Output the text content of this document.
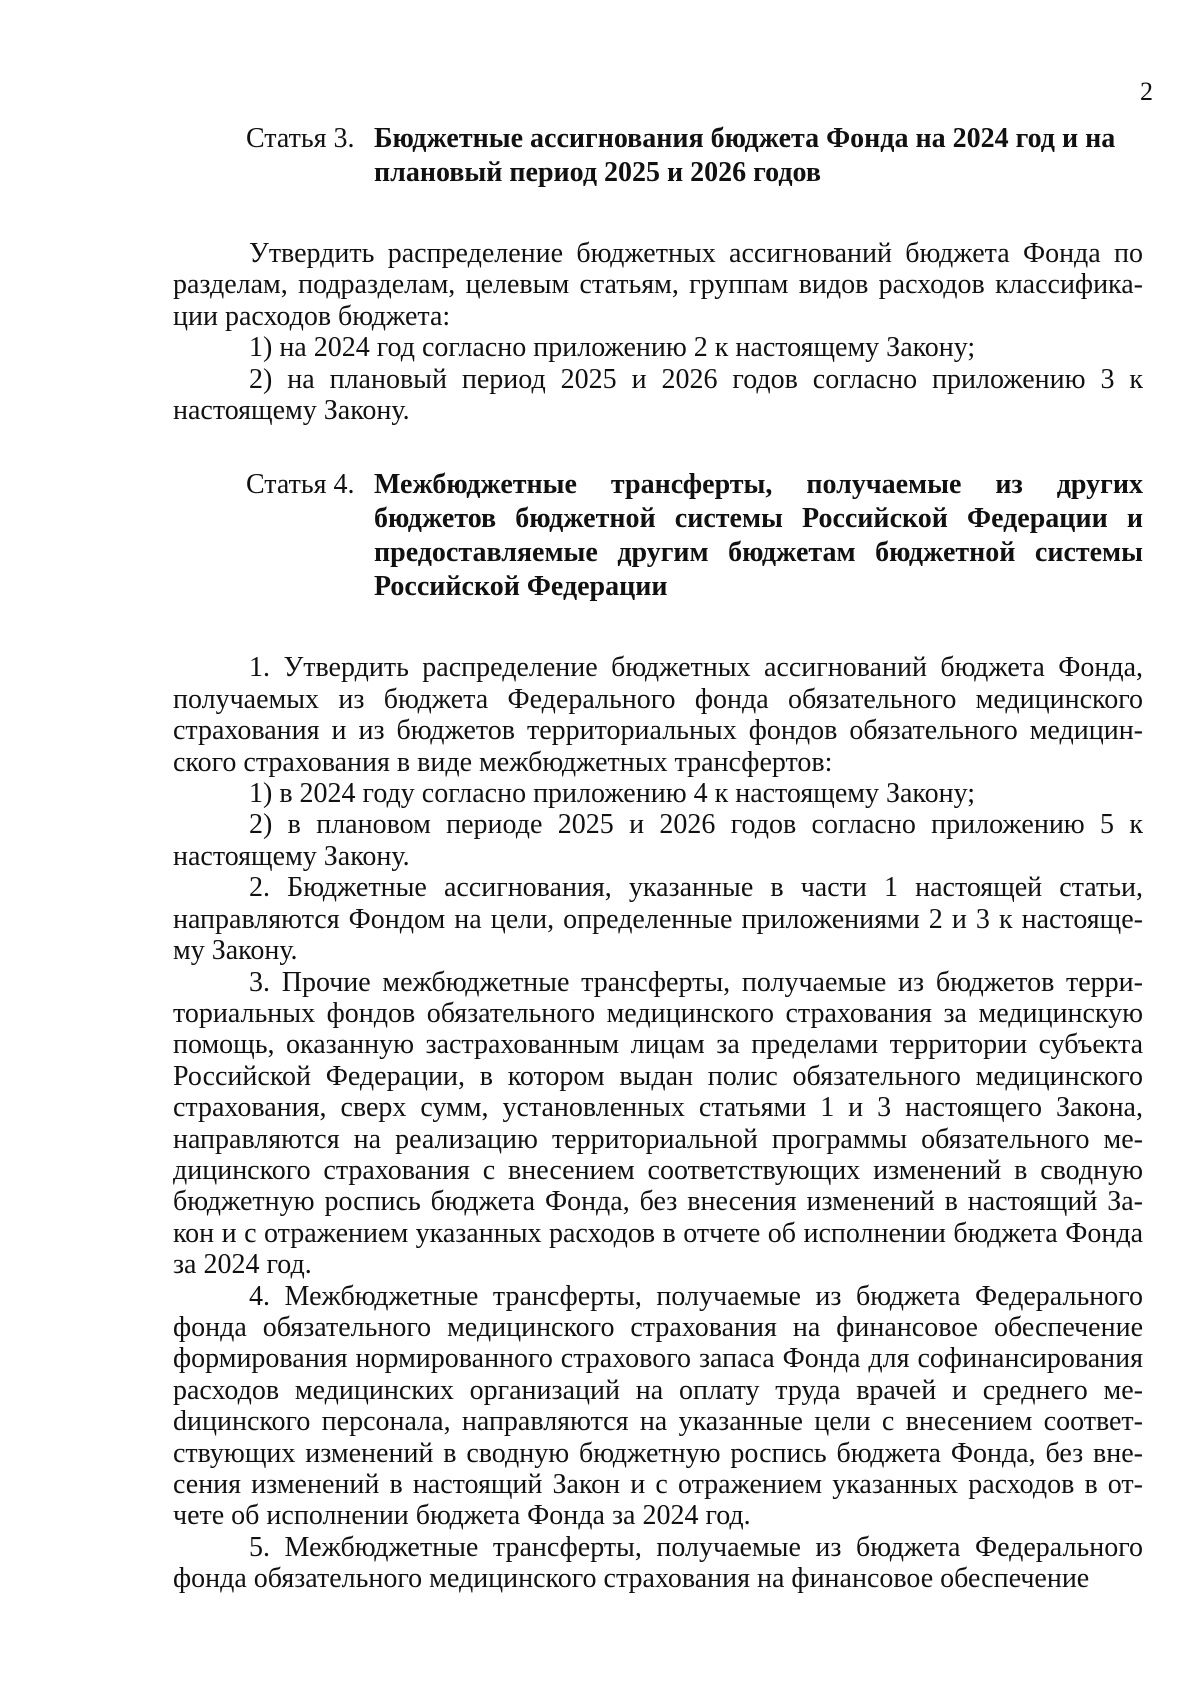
2
Статья 3. Бюджетные ассигнования бюджета Фонда на 2024 год и на плановый период 2025 и 2026 годов

Утвердить распределение бюджетных ассигнований бюджета Фонда по разделам, подразделам, целевым статьям, группам видов расходов классификации расходов бюджета:

1) на 2024 год согласно приложению 2 к настоящему Закону;

2) на плановый период 2025 и 2026 годов согласно приложению 3 к настоящему Закону.

Статья 4. Межбюджетные трансферты, получаемые из других бюджетов бюджетной системы Российской Федерации и предоставляемые другим бюджетам бюджетной системы Российской Федерации

1. Утвердить распределение бюджетных ассигнований бюджета Фонда, получаемых из бюджета Федерального фонда обязательного медицинского страхования и из бюджетов территориальных фондов обязательного медицинского страхования в виде межбюджетных трансфертов:

1) в 2024 году согласно приложению 4 к настоящему Закону;

2) в плановом периоде 2025 и 2026 годов согласно приложению 5 к настоящему Закону.

2. Бюджетные ассигнования, указанные в части 1 настоящей статьи, направляются Фондом на цели, определенные приложениями 2 и 3 к настоящему Закону.

3. Прочие межбюджетные трансферты, получаемые из бюджетов территориальных фондов обязательного медицинского страхования за медицинскую помощь, оказанную застрахованным лицам за пределами территории субъекта Российской Федерации, в котором выдан полис обязательного медицинского страхования, сверх сумм, установленных статьями 1 и 3 настоящего Закона, направляются на реализацию территориальной программы обязательного медицинского страхования с внесением соответствующих изменений в сводную бюджетную роспись бюджета Фонда, без внесения изменений в настоящий Закон и с отражением указанных расходов в отчете об исполнении бюджета Фонда за 2024 год.

4. Межбюджетные трансферты, получаемые из бюджета Федерального фонда обязательного медицинского страхования на финансовое обеспечение формирования нормированного страхового запаса Фонда для софинансирования расходов медицинских организаций на оплату труда врачей и среднего меdицинского персонала, направляются на указанные цели с внесением соответствующих изменений в сводную бюджетную роспись бюджета Фонда, без внесения изменений в настоящий Закон и с отражением указанных расходов в отчете об исполнении бюджета Фонда за 2024 год.

5. Межбюджетные трансферты, получаемые из бюджета Федерального фонда обязательного медицинского страхования на финансовое обеспечение
